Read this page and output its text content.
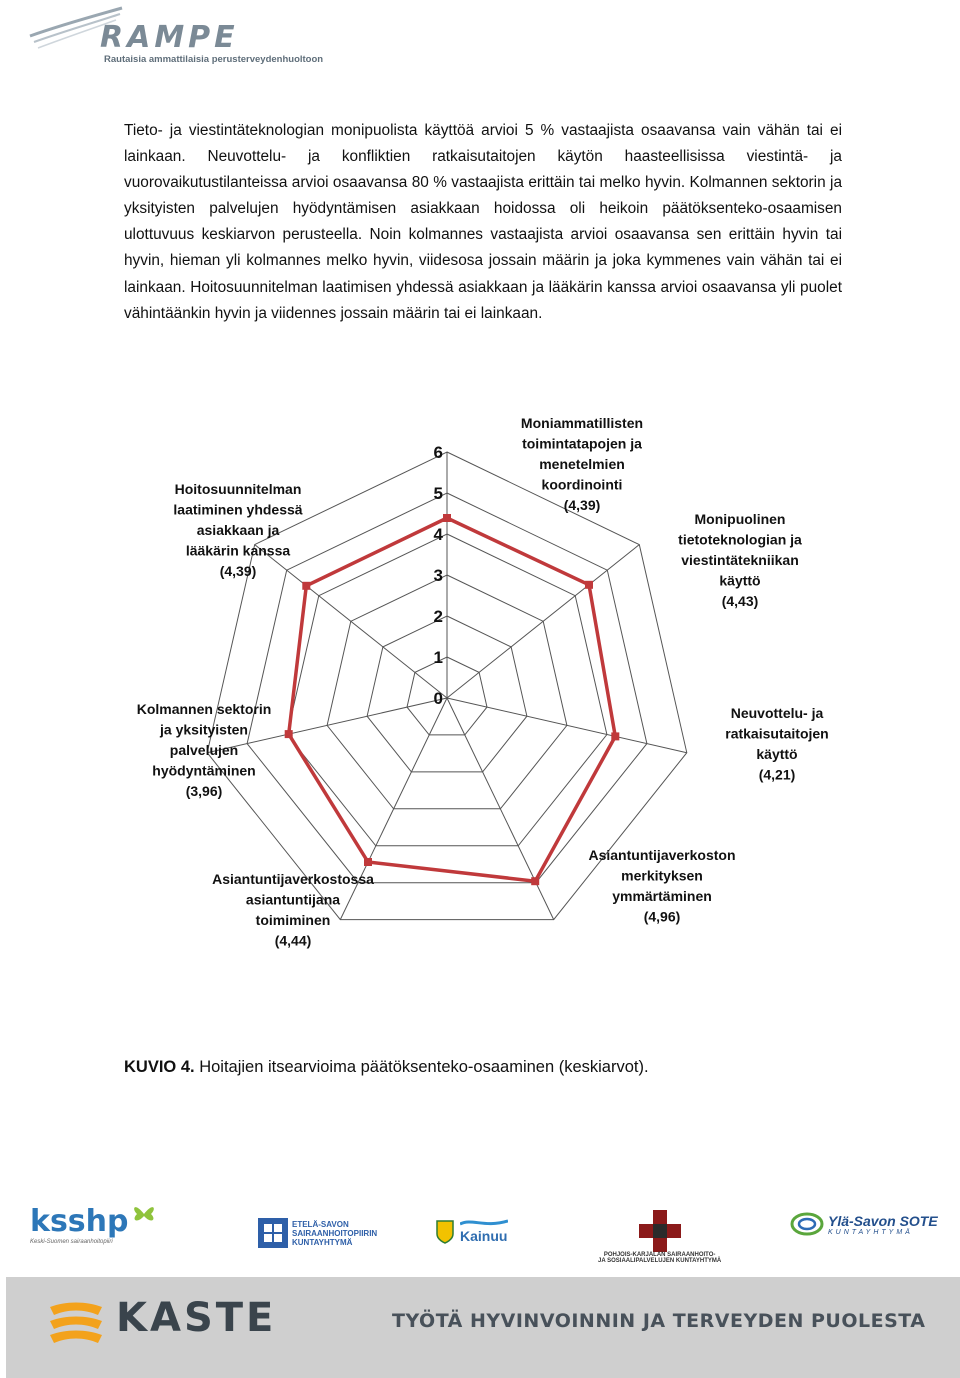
RAMPE
Rautaisia ammattilaisia perusterveydenhuoltoon

Tieto- ja viestintäteknologian monipuolista käyttöä arvioi 5 % vastaajista osaavansa vain vähän tai ei lainkaan. Neuvottelu- ja konfliktien ratkaisutaitojen käytön haasteellisissa viestintä- ja vuorovaikutustilanteissa arvioi osaavansa 80 % vastaajista erittäin tai melko hyvin. Kolmannen sektorin ja yksityisten palvelujen hyödyntämisen asiakkaan hoidossa oli heikoin päätöksenteko-osaamisen ulottuvuus keskiarvon perusteella. Noin kolmannes vastaajista arvioi osaavansa sen erittäin hyvin tai hyvin, hieman yli kolmannes melko hyvin, viidesosa jossain määrin ja joka kymmenes vain vähän tai ei lainkaan. Hoitosuunnitelman laatimisen yhdessä asiakkaan ja lääkärin kanssa arvioi osaavansa yli puolet vähintäänkin hyvin ja viidennes jossain määrin tai ei lainkaan.

0
1
2
3
4
5
6
Moniammatillisten toimintatapojen ja menetelmien koordinointi (4,39)
Monipuolinen tietoteknologian ja viestintätekniikan käyttö (4,43)
Neuvottelu- ja ratkaisutaitojen käyttö (4,21)
Asiantuntijaverkoston merkityksen ymmärtäminen (4,96)
Asiantuntijaverkostossa asiantuntijana toimiminen (4,44)
Kolmannen sektorin ja yksityisten palvelujen hyödyntäminen (3,96)
Hoitosuunnitelman laatiminen yhdessä asiakkaan ja lääkärin kanssa (4,39)
KUVIO 4. Hoitajien itsearvioima päätöksenteko-osaaminen (keskiarvot).
ksshp
Keski-Suomen sairaanhoitopiiri
ETELÄ-SAVON
SAIRAANHOITOPIIRIN
KUNTAYHTYMÄ	Kainuu
POHJOIS-KARJALAN SAIRAANHOITO-
JA SOSIAALIPALVELUJEN KUNTAYHTYMÄ
Ylä-Savon SOTE
KUNTAYHTYMÄ
KASTE	TYÖTÄ HYVINVOINNIN JA TERVEYDEN PUOLESTA
